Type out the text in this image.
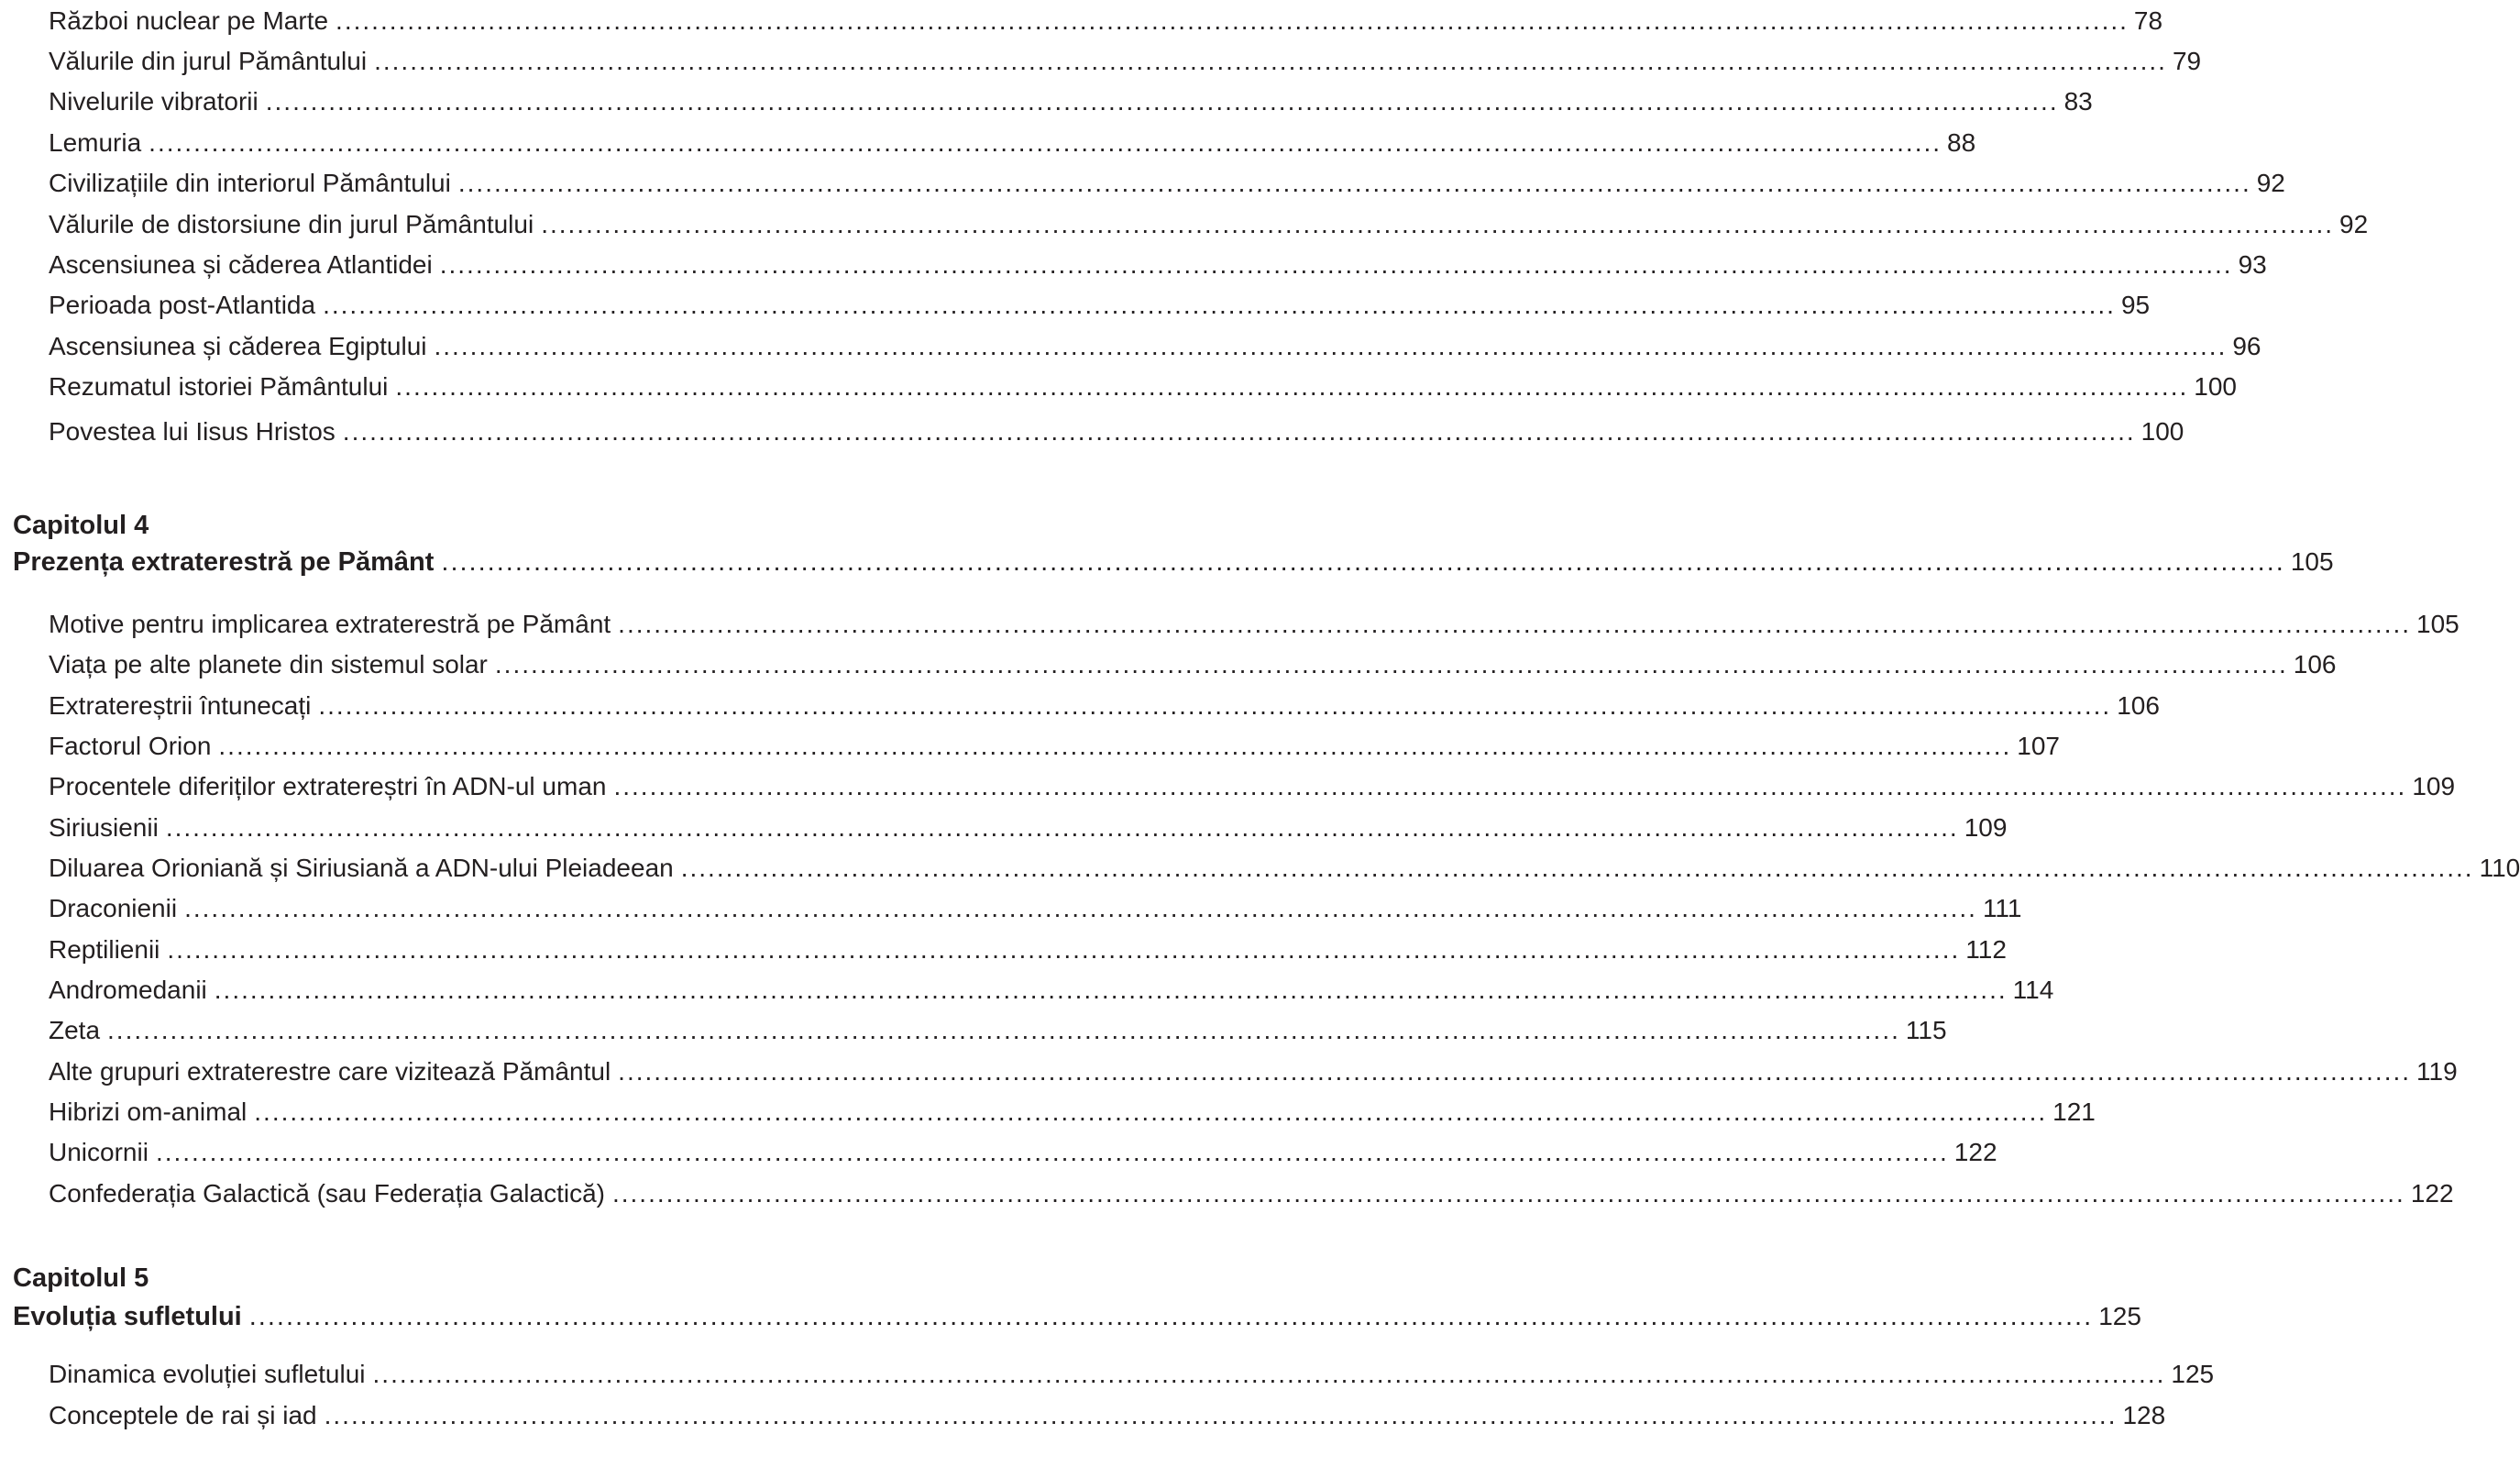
Război nuclear pe Marte ........................................................................................................................................................................................................ 78
Vălurile din jurul Pământului ........................................................................................................................................................................................................ 79
Nivelurile vibratorii ........................................................................................................................................................................................................ 83
Lemuria ........................................................................................................................................................................................................ 88
Civilizațiile din interiorul Pământului ........................................................................................................................................................................................................ 92
Vălurile de distorsiune din jurul Pământului ........................................................................................................................................................................................................ 92
Ascensiunea și căderea Atlantidei ........................................................................................................................................................................................................ 93
Perioada post-Atlantida ........................................................................................................................................................................................................ 95
Ascensiunea și căderea Egiptului ........................................................................................................................................................................................................ 96
Rezumatul istoriei Pământului ........................................................................................................................................................................................................ 100
Povestea lui Iisus Hristos ........................................................................................................................................................................................................ 100
Capitolul 4
Prezența extraterestră pe Pământ ........................................................................................................................................................................................................ 105
Motive pentru implicarea extraterestră pe Pământ ........................................................................................................................................................................................................ 105
Viața pe alte planete din sistemul solar ........................................................................................................................................................................................................ 106
Extratereștrii întunecați ........................................................................................................................................................................................................ 106
Factorul Orion ........................................................................................................................................................................................................ 107
Procentele diferiților extratereștri în ADN-ul uman ........................................................................................................................................................................................................ 109
Siriusienii ........................................................................................................................................................................................................ 109
Diluarea Orioniană și Siriusiană a ADN-ului Pleiadeean ........................................................................................................................................................................................................ 110
Draconienii ........................................................................................................................................................................................................ 111
Reptilienii ........................................................................................................................................................................................................ 112
Andromedanii ........................................................................................................................................................................................................ 114
Zeta ........................................................................................................................................................................................................ 115
Alte grupuri extraterestre care vizitează Pământul ........................................................................................................................................................................................................ 119
Hibrizi om-animal ........................................................................................................................................................................................................ 121
Unicornii ........................................................................................................................................................................................................ 122
Confederația Galactică (sau Federația Galactică) ........................................................................................................................................................................................................ 122
Capitolul 5
Evoluția sufletului ........................................................................................................................................................................................................ 125
Dinamica evoluției sufletului ........................................................................................................................................................................................................ 125
Conceptele de rai și iad ........................................................................................................................................................................................................ 128
